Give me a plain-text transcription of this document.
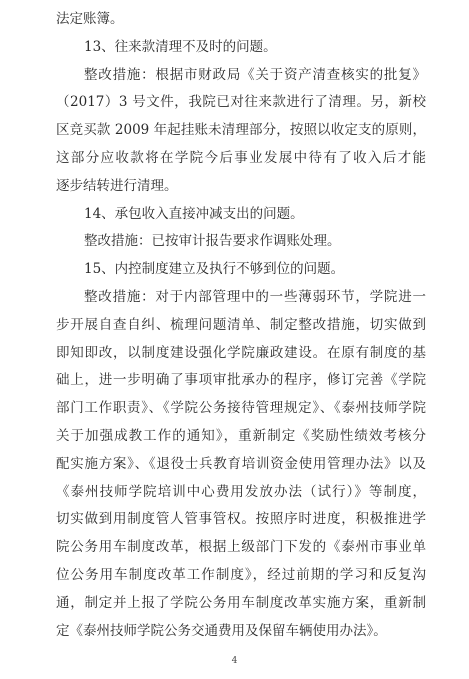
法定账簿。

13、往来款清理不及时的问题。

整改措施：根据市财政局《关于资产清查核实的批复》

（2017）3 号文件，我院已对往来款进行了清理。另，新校

区竞买款 2009 年起挂账未清理部分，按照以收定支的原则，

这部分应收款将在学院今后事业发展中待有了收入后才能

逐步结转进行清理。

14、承包收入直接冲减支出的问题。

整改措施：已按审计报告要求作调账处理。

15、内控制度建立及执行不够到位的问题。

整改措施：对于内部管理中的一些薄弱环节，学院进一

步开展自查自纠、梳理问题清单、制定整改措施，切实做到

即知即改，以制度建设强化学院廉政建设。在原有制度的基

础上，进一步明确了事项审批承办的程序，修订完善《学院

部门工作职责》、《学院公务接待管理规定》、《泰州技师学院

关于加强成教工作的通知》，重新制定《奖励性绩效考核分

配实施方案》、《退役士兵教育培训资金使用管理办法》以及

《泰州技师学院培训中心费用发放办法（试行）》等制度，

切实做到用制度管人管事管权。按照序时进度，积极推进学

院公务用车制度改革，根据上级部门下发的《泰州市事业单

位公务用车制度改革工作制度》，经过前期的学习和反复沟

通，制定并上报了学院公务用车制度改革实施方案，重新制

定《泰州技师学院公务交通费用及保留车辆使用办法》。

4
